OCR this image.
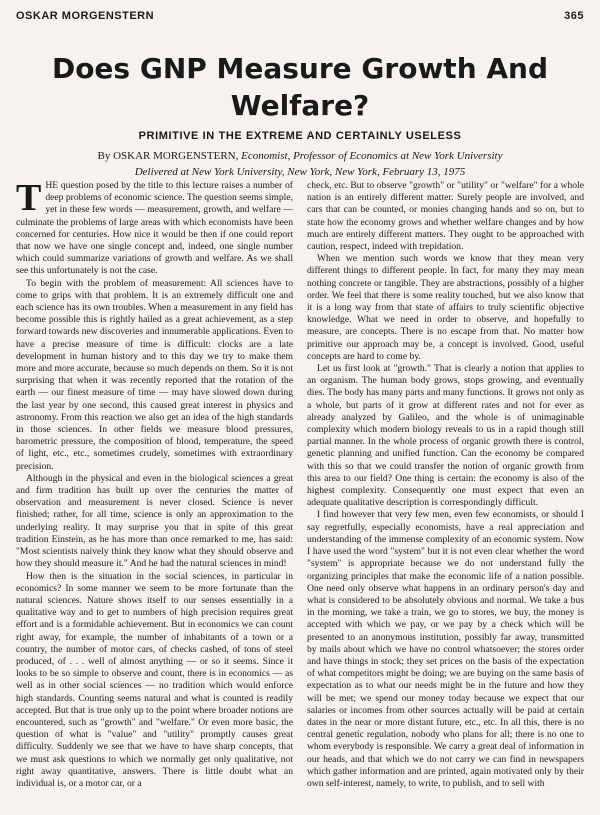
OSKAR MORGENSTERN	365
Does GNP Measure Growth And Welfare?
PRIMITIVE IN THE EXTREME AND CERTAINLY USELESS
By OSKAR MORGENSTERN, Economist, Professor of Economics at New York University
Delivered at New York University, New York, New York, February 13, 1975

THE question posed by the title to this lecture raises a number of deep problems of economic science. The question seems simple, yet in these few words — measurement, growth, and welfare — culminate the problems of large areas with which economists have been concerned for centuries. How nice it would be then if one could report that now we have one single concept and, indeed, one single number which could summarize variations of growth and welfare. As we shall see this unfortunately is not the case.

To begin with the problem of measurement: All sciences have to come to grips with that problem. It is an extremely difficult one and each science has its own troubles. When a measurement in any field has become possible this is rightly hailed as a great achievement, as a step forward towards new discoveries and innumerable applications. Even to have a precise measure of time is difficult: clocks are a late development in human history and to this day we try to make them more and more accurate, because so much depends on them. So it is not surprising that when it was recently reported that the rotation of the earth — our finest measure of time — may have slowed down during the last year by one second, this caused great interest in physics and astronomy. From this reaction we also get an idea of the high standards in those sciences. In other fields we measure blood pressures, barometric pressure, the composition of blood, temperature, the speed of light, etc., etc., sometimes crudely, sometimes with extraordinary precision.

Although in the physical and even in the biological sciences a great and firm tradition has built up over the centuries the matter of observation and measurement is never closed. Science is never finished; rather, for all time, science is only an approximation to the underlying reality. It may surprise you that in spite of this great tradition Einstein, as he has more than once remarked to me, has said: "Most scientists naively think they know what they should observe and how they should measure it." And he had the natural sciences in mind!

How then is the situation in the social sciences, in particular in economics? In some manner we seem to be more fortunate than the natural sciences. Nature shows itself to our senses essentially in a qualitative way and to get to numbers of high precision requires great effort and is a formidable achievement. But in economics we can count right away, for example, the number of inhabitants of a town or a country, the number of motor cars, of checks cashed, of tons of steel produced, of . . . well of almost anything — or so it seems. Since it looks to be so simple to observe and count, there is in economics — as well as in other social sciences — no tradition which would enforce high standards. Counting seems natural and what is counted is readily accepted. But that is true only up to the point where broader notions are encountered, such as "growth" and "welfare." Or even more basic, the question of what is "value" and "utility" promptly causes great difficulty. Suddenly we see that we have to have sharp concepts, that we must ask questions to which we normally get only qualitative, not right away quantitative, answers. There is little doubt what an individual is, or a motor car, or a

check, etc. But to observe "growth" or "utility" or "welfare" for a whole nation is an entirely different matter. Surely people are involved, and cars that can be counted, or monies changing hands and so on, but to state how the economy grows and whether welfare changes and by how much are entirely different matters. They ought to be approached with caution, respect, indeed with trepidation.

When we mention such words we know that they mean very different things to different people. In fact, for many they may mean nothing concrete or tangible. They are abstractions, possibly of a higher order. We feel that there is some reality touched, but we also know that it is a long way from that state of affairs to truly scientific objective knowledge. What we need in order to observe, and hopefully to measure, are concepts. There is no escape from that. No matter how primitive our approach may be, a concept is involved. Good, useful concepts are hard to come by.

Let us first look at "growth." That is clearly a notion that applies to an organism. The human body grows, stops growing, and eventually dies. The body has many parts and many functions. It grows not only as a whole, but parts of it grow at different rates and not for ever as already analyzed by Galileo, and the whole is of unimaginable complexity which modern biology reveals to us in a rapid though still partial manner. In the whole process of organic growth there is control, genetic planning and unified function. Can the economy be compared with this so that we could transfer the notion of organic growth from this area to our field? One thing is certain: the economy is also of the highest complexity. Consequently one must expect that even an adequate qualitative description is correspondingly difficult.

I find however that very few men, even few economists, or should I say regretfully, especially economists, have a real appreciation and understanding of the immense complexity of an economic system. Now I have used the word "system" but it is not even clear whether the word "system" is appropriate because we do not understand fully the organizing principles that make the economic life of a nation possible. One need only observe what happens in an ordinary person's day and what is considered to be absolutely obvious and normal. We take a bus in the morning, we take a train, we go to stores, we buy, the money is accepted with which we pay, or we pay by a check which will be presented to an anonymous institution, possibly far away, transmitted by mails about which we have no control whatsoever; the stores order and have things in stock; they set prices on the basis of the expectation of what competitors might be doing; we are buying on the same basis of expectation as to what our needs might be in the future and how they will be met; we spend our money today because we expect that our salaries or incomes from other sources actually will be paid at certain dates in the near or more distant future, etc., etc. In all this, there is no central genetic regulation, nobody who plans for all; there is no one to whom everybody is responsible. We carry a great deal of information in our heads, and that which we do not carry we can find in newspapers which gather information and are printed, again motivated only by their own self-interest, namely, to write, to publish, and to sell with
